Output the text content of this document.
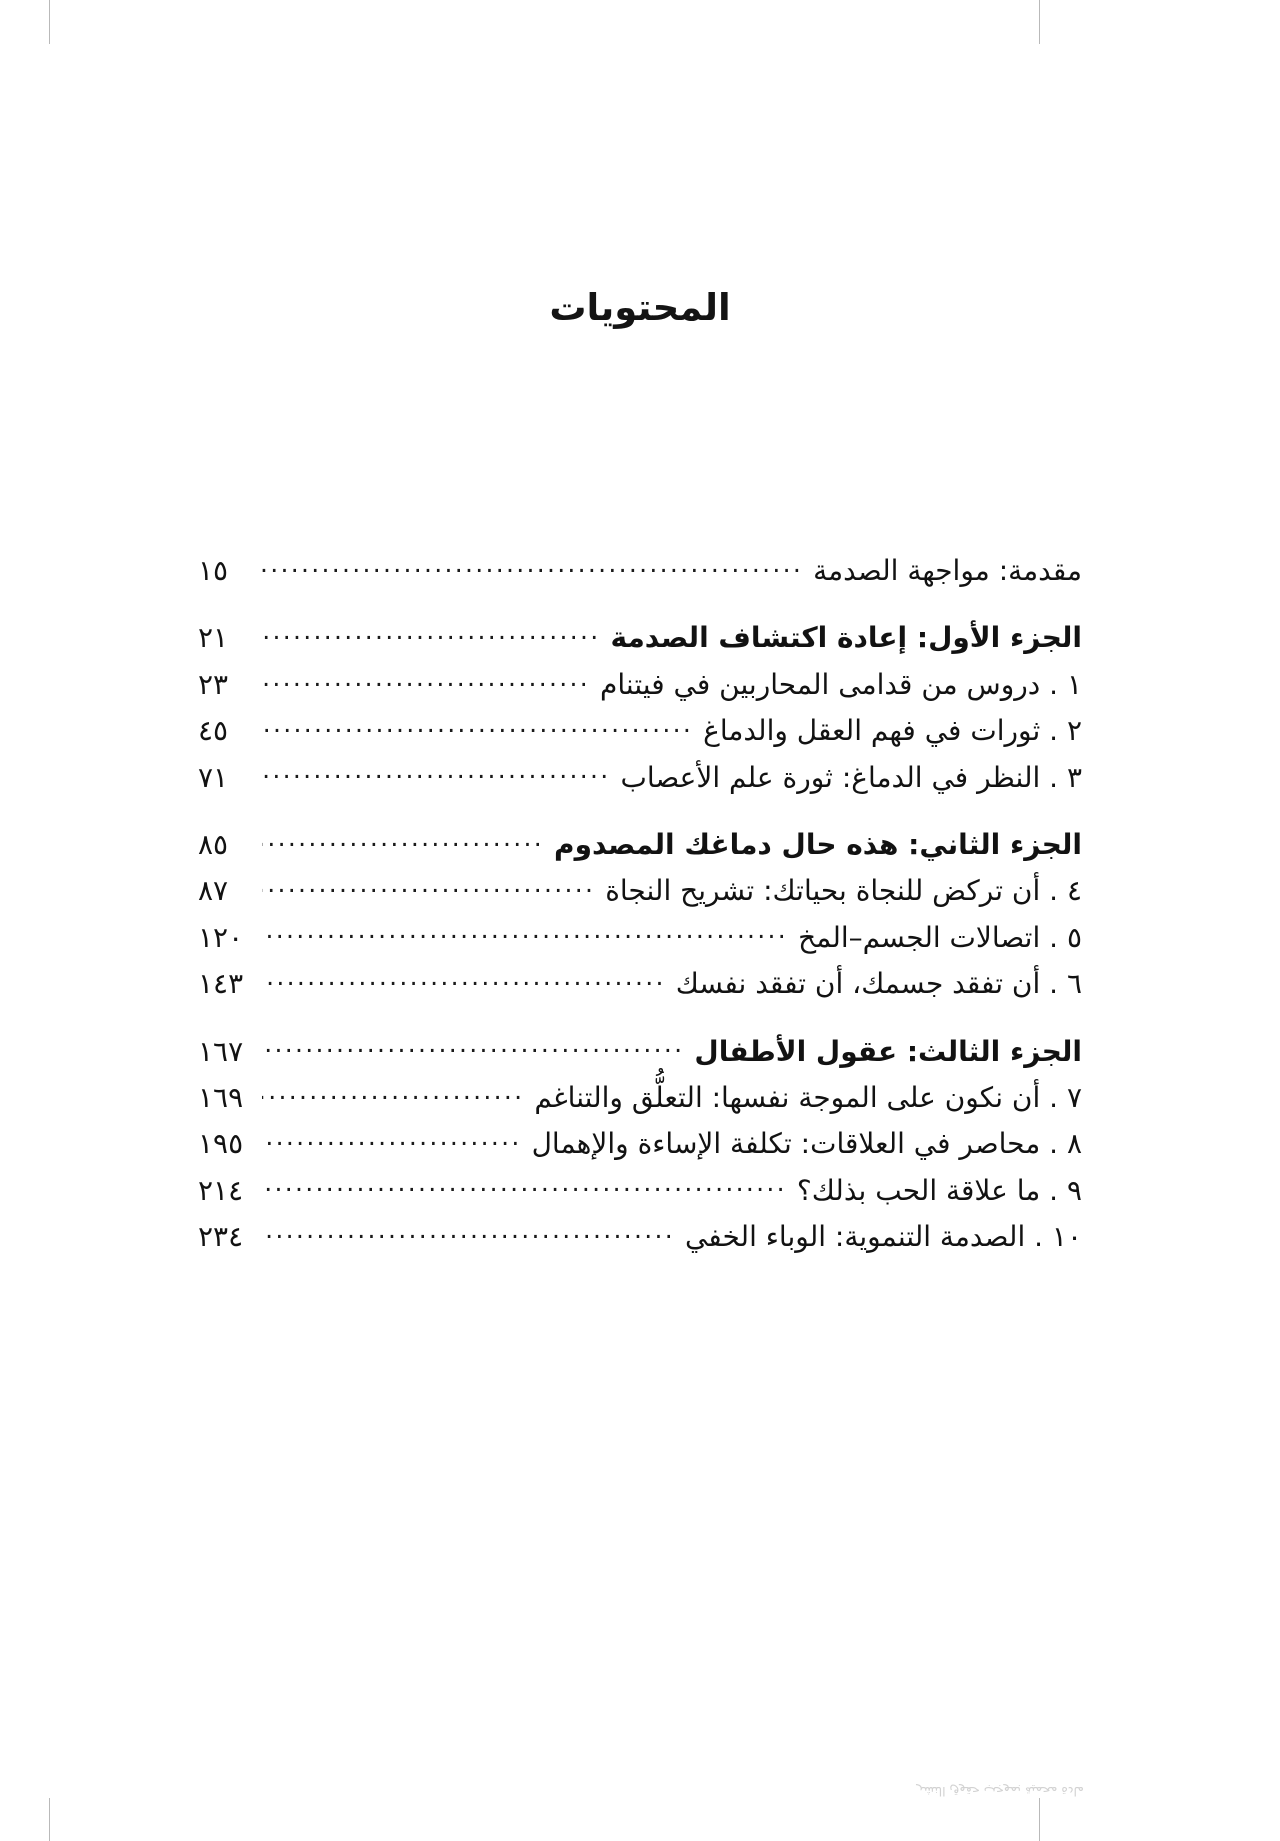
المحتويات
مقدمة: مواجهة الصدمة
.....
١٥
الجزء الأول: إعادة اكتشاف الصدمة
.....
٢١
١ . دروس من قدامى المحاربين في فيتنام
.....
٢٣
٢ . ثورات في فهم العقل والدماغ
.....
٤٥
٣ . النظر في الدماغ: ثورة علم الأعصاب
.....
٧١
الجزء الثاني: هذه حال دماغك المصدوم
.....
٨٥
٤ . أن تركض للنجاة بحياتك: تشريح النجاة
.....
٨٧
٥ . اتصالات الجسم–المخ
.....
١٢٠
٦ . أن تفقد جسمك، أن تفقد نفسك
.....
١٤٣
الجزء الثالث: عقول الأطفال
.....
١٦٧
٧ . أن نكون على الموجة نفسها: التعلُّق والتناغم
.....
١٦٩
٨ . محاصر في العلاقات: تكلفة الإساءة والإهمال
.....
١٩٥
٩ . ما علاقة الحب بذلك؟
.....
٢١٤
١٠ . الصدمة التنموية: الوباء الخفي
.....
٢٣٤
مادة محمية بموجب حقوق النشر
